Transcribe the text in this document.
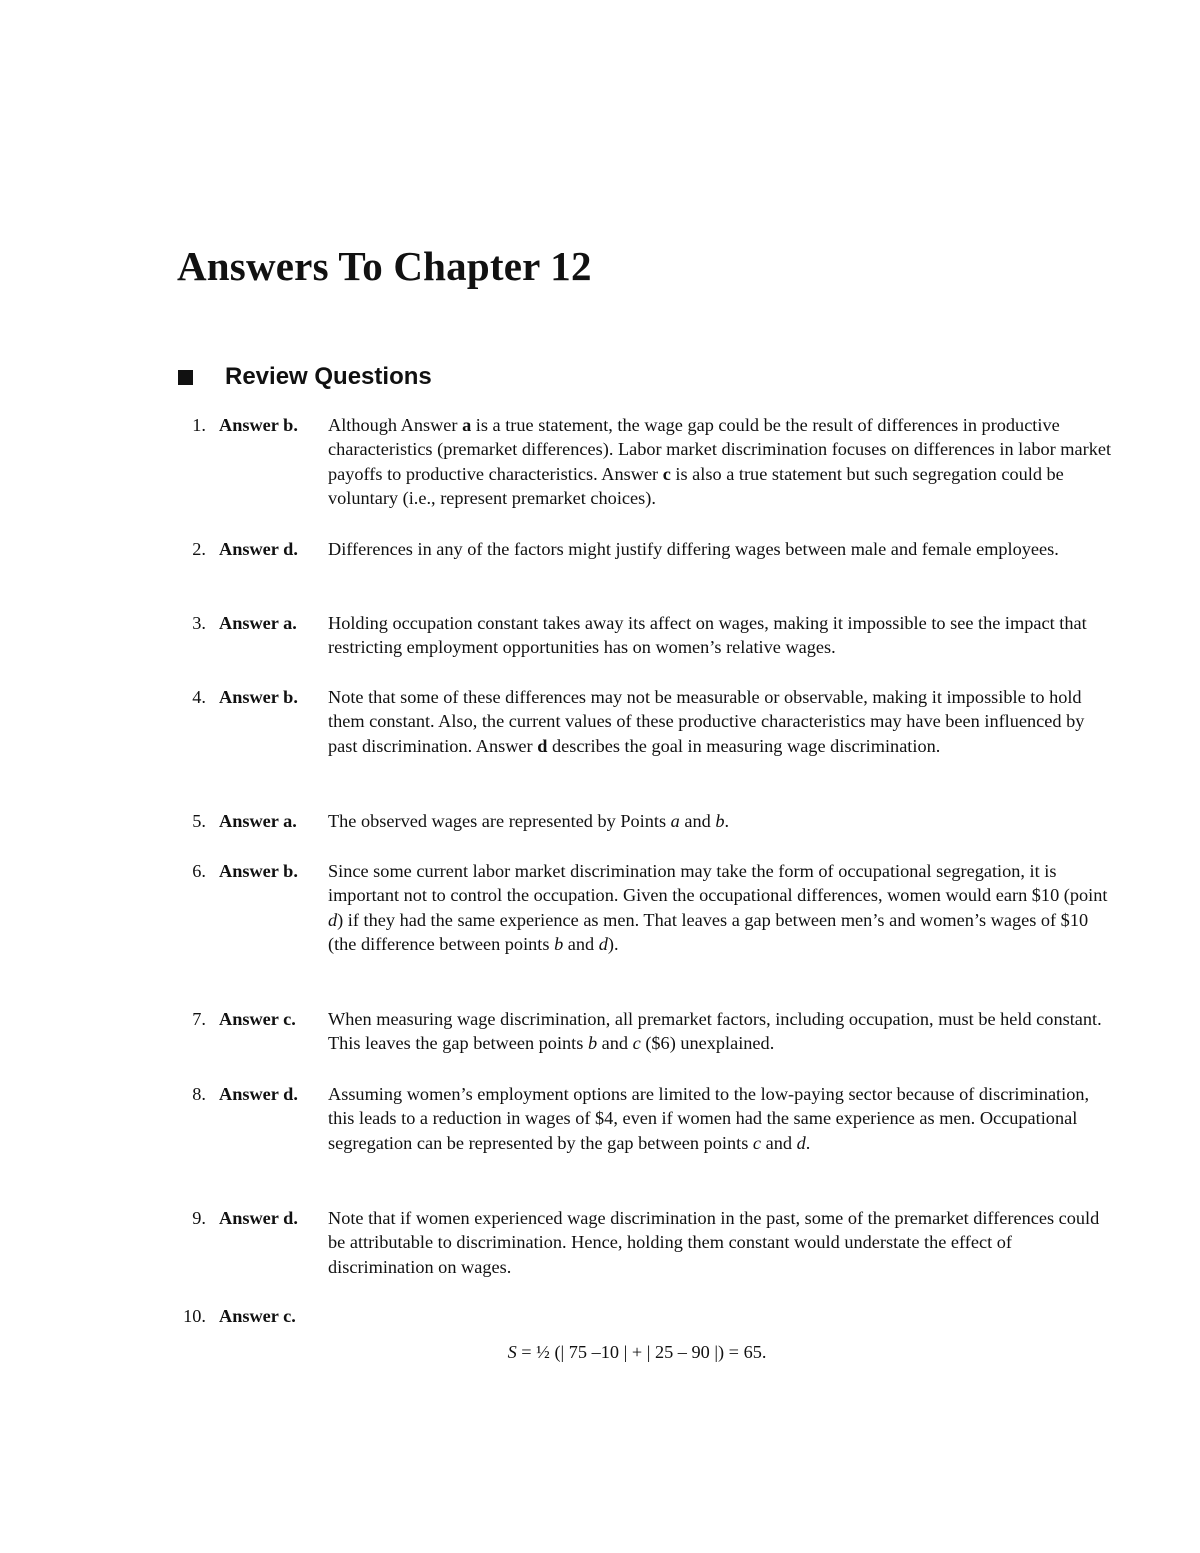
Answers To Chapter 12
Review Questions
1. Answer b. Although Answer a is a true statement, the wage gap could be the result of differences in productive characteristics (premarket differences). Labor market discrimination focuses on differences in labor market payoffs to productive characteristics. Answer c is also a true statement but such segregation could be voluntary (i.e., represent premarket choices).

2. Answer d. Differences in any of the factors might justify differing wages between male and female employees.

3. Answer a. Holding occupation constant takes away its affect on wages, making it impossible to see the impact that restricting employment opportunities has on women’s relative wages.

4. Answer b. Note that some of these differences may not be measurable or observable, making it impossible to hold them constant. Also, the current values of these productive characteristics may have been influenced by past discrimination. Answer d describes the goal in measuring wage discrimination.

5. Answer a. The observed wages are represented by Points a and b.

6. Answer b. Since some current labor market discrimination may take the form of occupational segregation, it is important not to control the occupation. Given the occupational differences, women would earn $10 (point d) if they had the same experience as men. That leaves a gap between men’s and women’s wages of $10 (the difference between points b and d).

7. Answer c. When measuring wage discrimination, all premarket factors, including occupation, must be held constant. This leaves the gap between points b and c ($6) unexplained.

8. Answer d. Assuming women’s employment options are limited to the low-paying sector because of discrimination, this leads to a reduction in wages of $4, even if women had the same experience as men. Occupational segregation can be represented by the gap between points c and d.

9. Answer d. Note that if women experienced wage discrimination in the past, some of the premarket differences could be attributable to discrimination. Hence, holding them constant would understate the effect of discrimination on wages.

10. Answer c.
S = ½ (| 75 –10 | + | 25 – 90 |) = 65.
